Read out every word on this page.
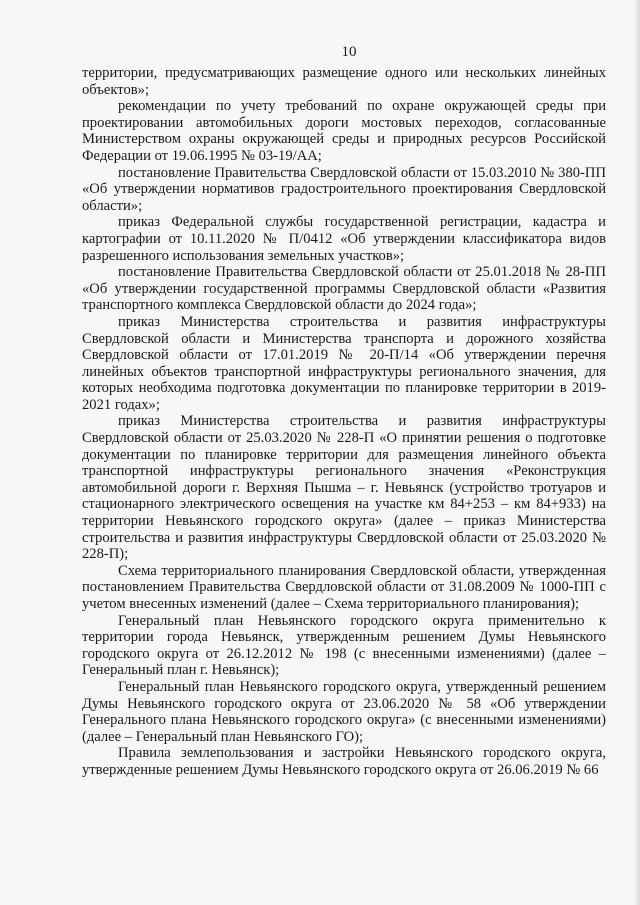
10

территории, предусматривающих размещение одного или нескольких линейных объектов»;

рекомендации по учету требований по охране окружающей среды при проектировании автомобильных дороги мостовых переходов, согласованные Министерством охраны окружающей среды и природных ресурсов Российской Федерации от 19.06.1995 № 03-19/АА;

постановление Правительства Свердловской области от 15.03.2010 № 380-ПП «Об утверждении нормативов градостроительного проектирования Свердловской области»;

приказ Федеральной службы государственной регистрации, кадастра и картографии от 10.11.2020 № П/0412 «Об утверждении классификатора видов разрешенного использования земельных участков»;

постановление Правительства Свердловской области от 25.01.2018 № 28-ПП «Об утверждении государственной программы Свердловской области «Развития транспортного комплекса Свердловской области до 2024 года»;

приказ Министерства строительства и развития инфраструктуры Свердловской области и Министерства транспорта и дорожного хозяйства Свердловской области от 17.01.2019 № 20-П/14 «Об утверждении перечня линейных объектов транспортной инфраструктуры регионального значения, для которых необходима подготовка документации по планировке территории в 2019-2021 годах»;

приказ Министерства строительства и развития инфраструктуры Свердловской области от 25.03.2020 № 228-П «О принятии решения о подготовке документации по планировке территории для размещения линейного объекта транспортной инфраструктуры регионального значения «Реконструкция автомобильной дороги г. Верхняя Пышма – г. Невьянск (устройство тротуаров и стационарного электрического освещения на участке км 84+253 – км 84+933) на территории Невьянского городского округа» (далее – приказ Министерства строительства и развития инфраструктуры Свердловской области от 25.03.2020 № 228-П);

Схема территориального планирования Свердловской области, утвержденная постановлением Правительства Свердловской области от 31.08.2009 № 1000-ПП с учетом внесенных изменений (далее – Схема территориального планирования);

Генеральный план Невьянского городского округа применительно к территории города Невьянск, утвержденным решением Думы Невьянского городского округа от 26.12.2012 № 198 (с внесенными изменениями) (далее – Генеральный план г. Невьянск);

Генеральный план Невьянского городского округа, утвержденный решением Думы Невьянского городского округа от 23.06.2020 № 58 «Об утверждении Генерального плана Невьянского городского округа» (с внесенными изменениями) (далее – Генеральный план Невьянского ГО);

Правила землепользования и застройки Невьянского городского округа, утвержденные решением Думы Невьянского городского округа от 26.06.2019 № 66
